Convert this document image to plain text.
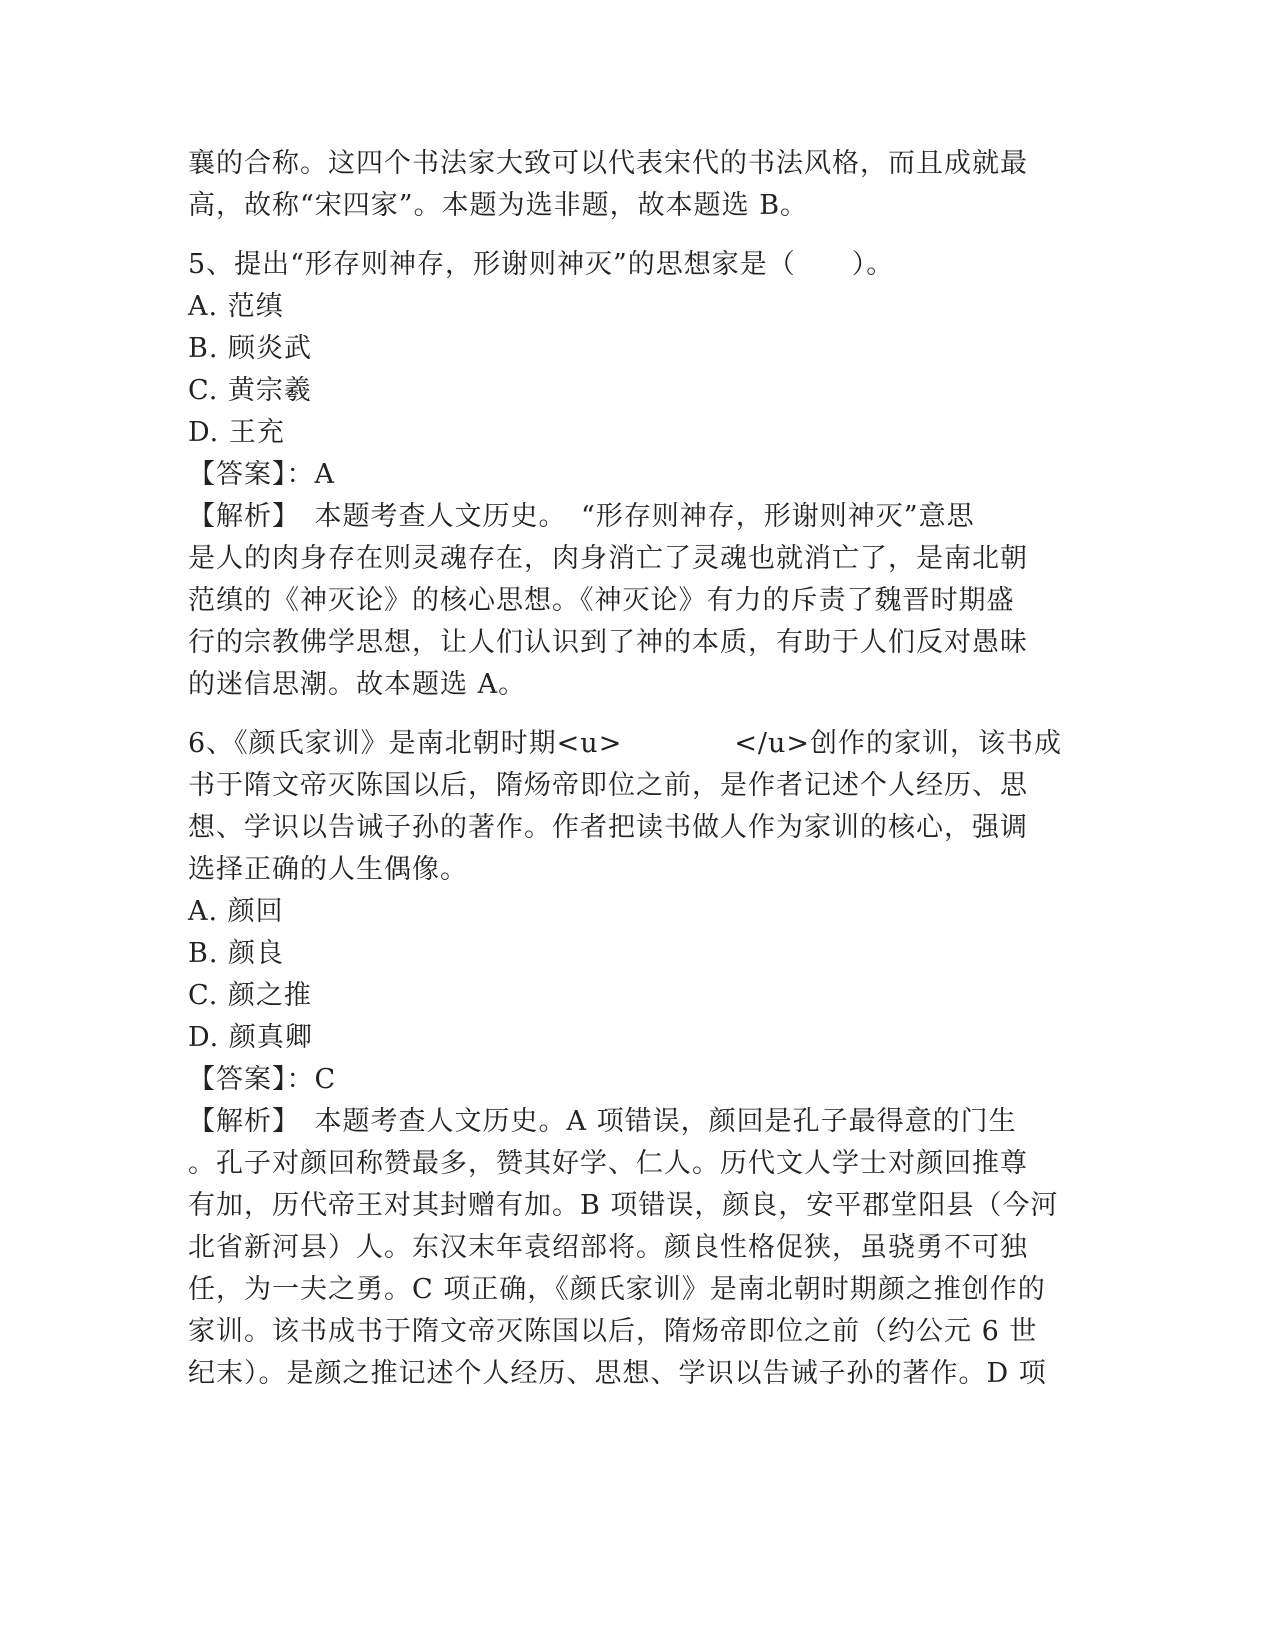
襄的合称。这四个书法家大致可以代表宋代的书法风格，而且成就最
高，故称“宋四家”。本题为选非题，故本题选 B。
5、提出“形存则神存，形谢则神灭”的思想家是（　　）。
A. 范缜
B. 顾炎武
C. 黄宗羲
D. 王充
【答案】：A
【解析】　本题考查人文历史。　“形存则神存，形谢则神灭”意思
是人的肉身存在则灵魂存在，肉身消亡了灵魂也就消亡了，是南北朝
范缜的《神灭论》的核心思想。《神灭论》有力的斥责了魏晋时期盛
行的宗教佛学思想，让人们认识到了神的本质，有助于人们反对愚昧
的迷信思潮。故本题选 A。
6、《颜氏家训》是南北朝时期<u>　　　　</u>创作的家训，该书成
书于隋文帝灭陈国以后，隋炀帝即位之前，是作者记述个人经历、思
想、学识以告诫子孙的著作。作者把读书做人作为家训的核心，强调
选择正确的人生偶像。
A. 颜回
B. 颜良
C. 颜之推
D. 颜真卿
【答案】：C
【解析】　本题考查人文历史。A 项错误，颜回是孔子最得意的门生
。孔子对颜回称赞最多，赞其好学、仁人。历代文人学士对颜回推尊
有加，历代帝王对其封赠有加。B 项错误，颜良，安平郡堂阳县（今河
北省新河县）人。东汉末年袁绍部将。颜良性格促狭，虽骁勇不可独
任，为一夫之勇。C 项正确，《颜氏家训》是南北朝时期颜之推创作的
家训。该书成书于隋文帝灭陈国以后，隋炀帝即位之前（约公元 6 世
纪末）。是颜之推记述个人经历、思想、学识以告诫子孙的著作。D 项
